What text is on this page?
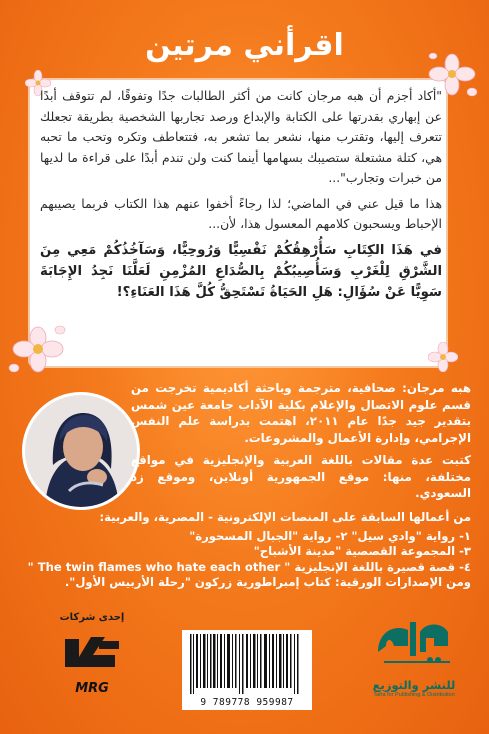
اقرأني مرتين

"أكاد أجزم أن هبه مرجان كانت من أكثر الطالبات جدًا وتفوقًا، لم تتوقف أبدًا عن إبهاري بقدرتها على الكتابة والإبداع ورصد تجاربها الشخصية بطريقة تجعلك تتعرف إليها، وتقترب منها، نشعر بما تشعر به، فتتعاطف وتكره وتحب ما تحبه هي، كتلة مشتعلة ستصيبك بسهامها أينما كنت ولن تندم أبدًا على قراءة ما لديها من خبرات وتجارب"...

هذا ما قيل عني في الماضي؛ لذا رجاءً أخفوا عنهم هذا الكتاب فربما يصيبهم الإحباط ويسحبون كلامهم المعسول هذا، لأن...

في هَذَا الكِتَابِ سَأُرْهِقُكُمْ نَفْسِيًّا وَرُوحِيًّا، وَسَآخُذُكُمْ مَعِي مِنَ الشَّرْقِ لِلْغَرْبِ وَسَأُصِيبُكُمْ بِالصُّدَاعِ المُزْمِنِ لَعَلَّنَا نَجِدُ الإِجَابَةَ سَوِيًّا عَنْ سُؤَالِ: هَلِ الحَيَاةُ تَسْتَحِقُّ كُلَّ هَذَا العَنَاءِ؟!

هبه مرجان: صحافية، مترجمة وباحثة أكاديمية تخرجت من قسم علوم الاتصال والإعلام بكلية الآداب جامعة عين شمس بتقدير جيد جدًا عام ٢٠١١، اهتمت بدراسة علم النفس الإجرامي، وإدارة الأعمال والمشروعات.

كتبت عدة مقالات باللغة العربية والإنجليزية في مواقع مختلفة، منها: موقع الجمهورية أونلاين، وموقع زد السعودي.

من أعمالها السابقة على المنصات الإلكترونية - المصرية، والعربية:
١- رواية "وادي سيل" ٢- رواية "الجبال المسحورة"
٣- المجموعة القصصية "مدينة الأشباح"
٤- قصة قصيرة باللغة الإنجليزية " The twin flames who hate each other "
ومن الإصدارات الورقية: كتاب إمبراطورية زركون "رحلة الأربيس الأول".
إحدى شركات
MRG
9 789778 959987
للنشر والتوزيع
Tafra for Publishing & Distribution
